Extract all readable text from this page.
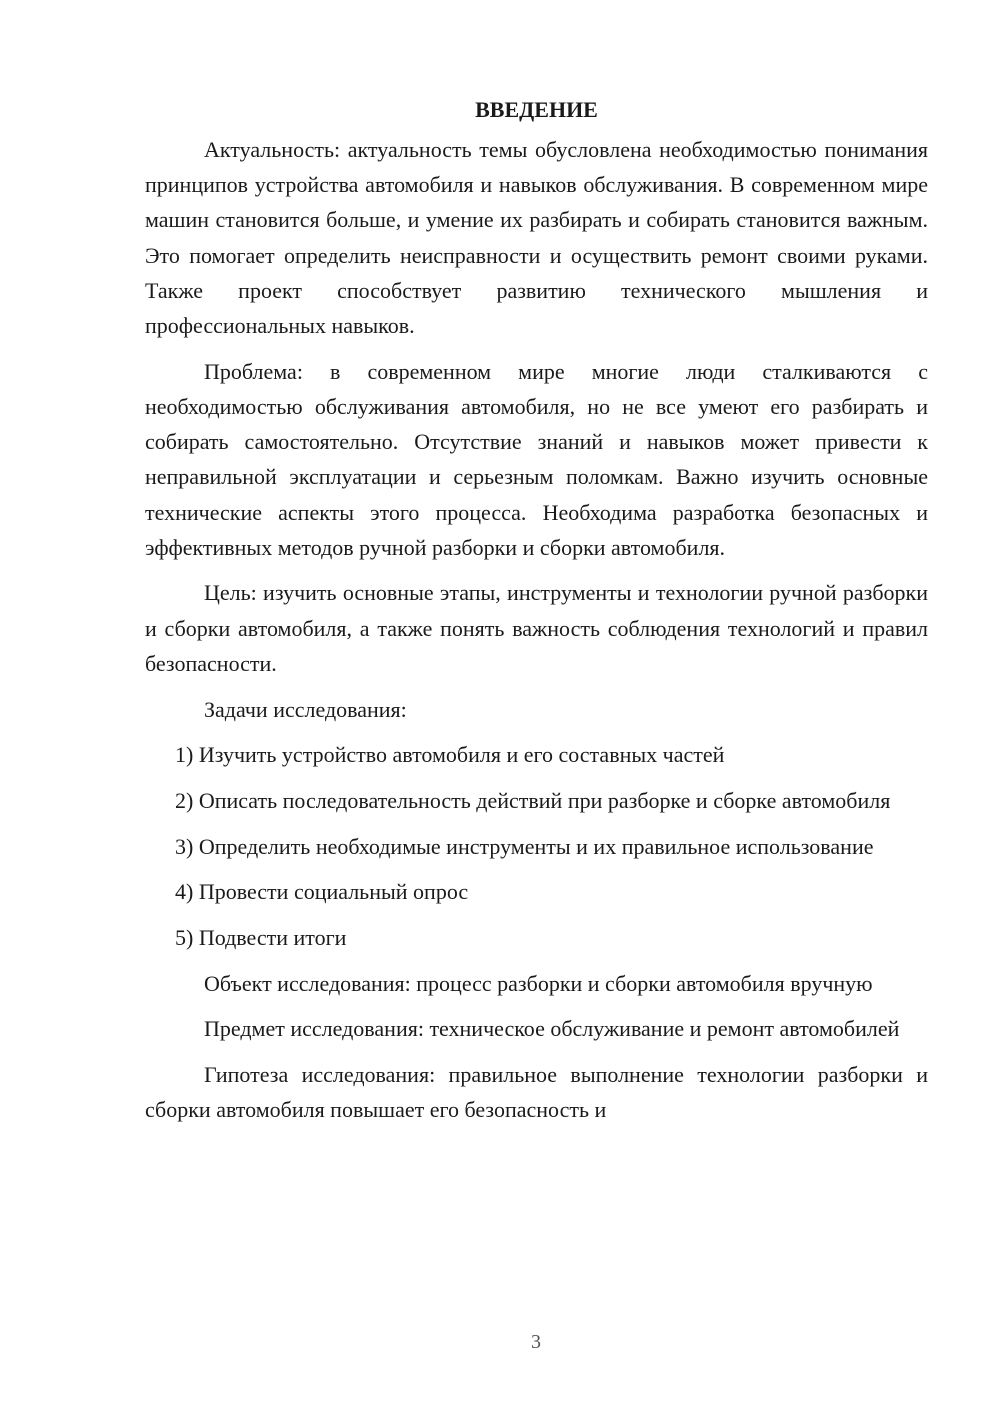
ВВЕДЕНИЕ

Актуальность: актуальность темы обусловлена необходимостью понимания принципов устройства автомобиля и навыков обслуживания. В современном мире машин становится больше, и умение их разбирать и собирать становится важным. Это помогает определить неисправности и осуществить ремонт своими руками. Также проект способствует развитию технического мышления и профессиональных навыков.

Проблема: в современном мире многие люди сталкиваются с необходимостью обслуживания автомобиля, но не все умеют его разбирать и собирать самостоятельно. Отсутствие знаний и навыков может привести к неправильной эксплуатации и серьезным поломкам. Важно изучить основные технические аспекты этого процесса. Необходима разработка безопасных и эффективных методов ручной разборки и сборки автомобиля.

Цель: изучить основные этапы, инструменты и технологии ручной разборки и сборки автомобиля, а также понять важность соблюдения технологий и правил безопасности.

Задачи исследования:

1) Изучить устройство автомобиля и его составных частей

2) Описать последовательность действий при разборке и сборке автомобиля

3) Определить необходимые инструменты и их правильное использование

4) Провести социальный опрос

5) Подвести итоги

Объект исследования: процесс разборки и сборки автомобиля вручную

Предмет исследования: техническое обслуживание и ремонт автомобилей

Гипотеза исследования: правильное выполнение технологии разборки и сборки автомобиля повышает его безопасность и

3
